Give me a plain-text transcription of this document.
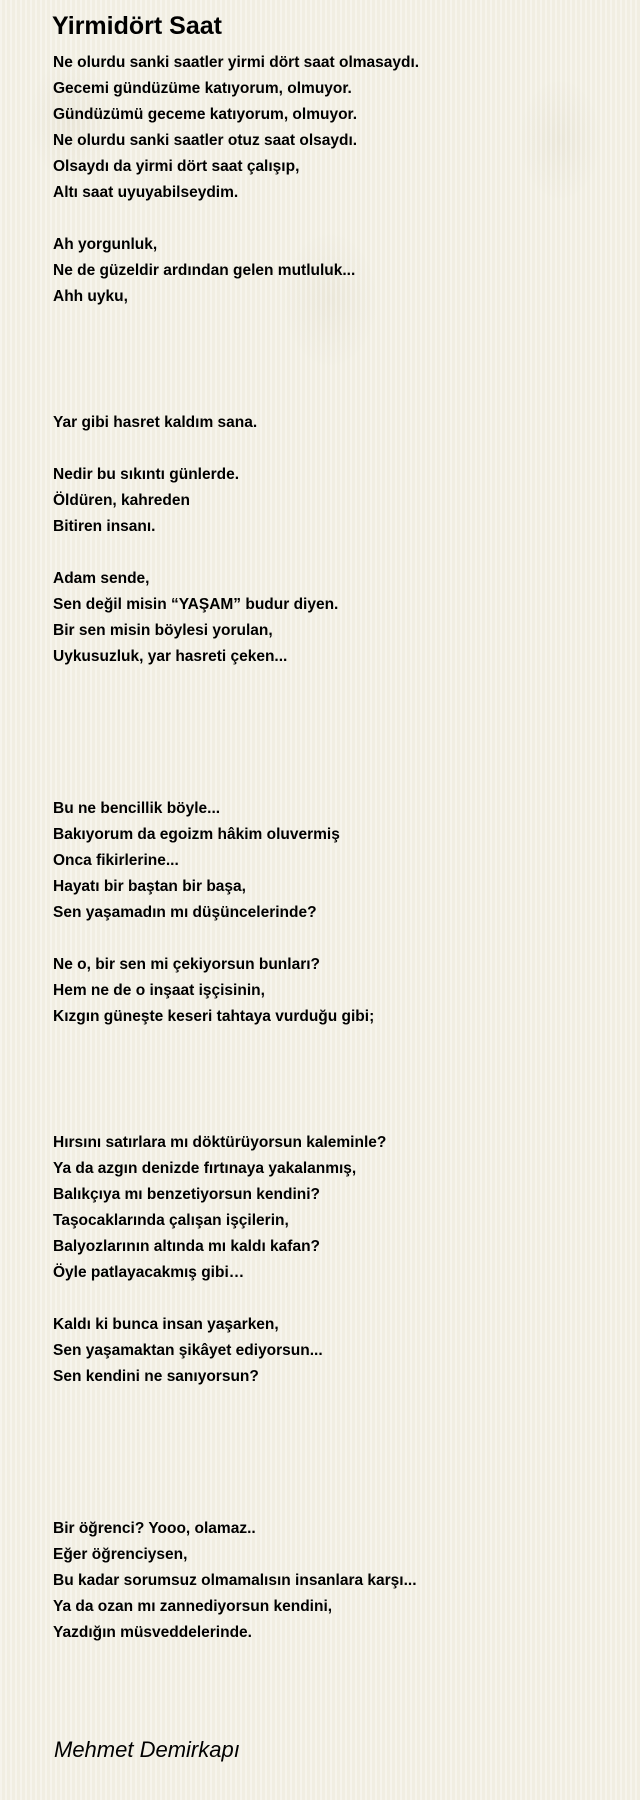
Yirmidört Saat
Ne olurdu sanki saatler yirmi dört saat olmasaydı.
Gecemi gündüzüme katıyorum, olmuyor.
Gündüzümü geceme katıyorum, olmuyor.
Ne olurdu sanki saatler otuz saat olsaydı.
Olsaydı da yirmi dört saat çalışıp,
Altı saat uyuyabilseydim.
Ah yorgunluk,
Ne de güzeldir ardından gelen mutluluk...
Ahh uyku,
Yar gibi hasret kaldım sana.
Nedir bu sıkıntı günlerde.
Öldüren, kahreden
Bitiren insanı.
Adam sende,
Sen değil misin “YAŞAM” budur diyen.
Bir sen misin böylesi yorulan,
Uykusuzluk, yar hasreti çeken...
Bu ne bencillik böyle...
Bakıyorum da egoizm hâkim oluvermiş
Onca fikirlerine...
Hayatı bir baştan bir başa,
Sen yaşamadın mı düşüncelerinde?
Ne o, bir sen mi çekiyorsun bunları?
Hem ne de o inşaat işçisinin,
Kızgın güneşte keseri tahtaya vurduğu gibi;
Hırsını satırlara mı döktürüyorsun kaleminle?
Ya da azgın denizde fırtınaya yakalanmış,
Balıkçıya mı benzetiyorsun kendini?
Taşocaklarında çalışan işçilerin,
Balyozlarının altında mı kaldı kafan?
Öyle patlayacakmış gibi…
Kaldı ki bunca insan yaşarken,
Sen yaşamaktan şikâyet ediyorsun...
Sen kendini ne sanıyorsun?
Bir öğrenci? Yooo, olamaz..
Eğer öğrenciysen,
Bu kadar sorumsuz olmamalısın insanlara karşı...
Ya da ozan mı zannediyorsun kendini,
Yazdığın müsveddelerinde.
Mehmet Demirkapı
